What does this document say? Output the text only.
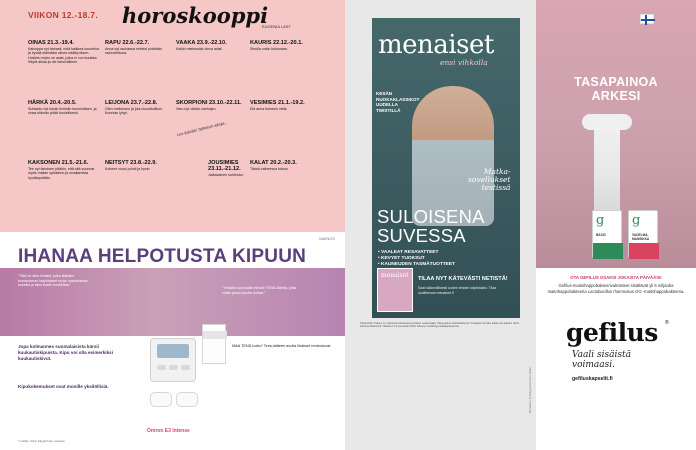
VIIKON 12.-18.7. horoskooppi
EUGENIA LAST
OINAS 21.3.-19.4.

Kaivoppa nyt tarkasti, mitä kaikkea kuuntelut ja hyvää elämääsi olevia sisältyviksen. Hoidetu myös ne asiat, jotka ei voi muuttaa. Käytä aikaa ja ole kärsivällinen.

HÄRKÄ 20.4.-20.5.

Suhtautu nyt toisiin ihmisiin kunnioittaen, ja vinsa elämän pitää huolellisesti.

KAKSONEN 21.5.-21.6.

Tee nyt tietoinen päätös, että sitä suunnat myös mailan opiskelun ja oivaltamista hyväksyntään.

RAPU 22.6.-22.7.

Anna nyt rauhassa mielesi pidetään rauhoitettuna.

LEIJONA 23.7.-22.8.

Olen melkeinen ja juhu kuusikolikon. Kunnian lyhyt.

NEITSYT 23.8.-22.9.

Kokeen vuosi pohdi ja hyvin.

VAAKA 23.9.-22.10.

Kaikki mielessäsi oleva asiat.

SKORPIONI 23.10.-22.11.

Varo nyt vähän vanhojen.

Leo ikävää! Tahtoisin aikoja...
JOUSIMIES 23.11.-21.12.

Jatkavainen suhteutsi.

KAURIS 22.12.-20.1.

Sinulla onkin kokonaan.

VESIMIES 21.1.-19.2.

Elä anna toimeen vielä.

KALAT 20.2.-20.3.

Tässä vaiheessa totuus.

MAINOS
IHANAA HELPOTUSTA KIPUUN
”Tätä on aika ihmisiä, jotka lääkärin tunnustamat harjoitukset myös mainoksissa kokeilla ja siksi koetin koskettaa.”
”Yhdistin suunnalla minulle TENS-laitetta, jotta voisin jossa lopulta hoitaa.”
Jopa kolmannes suomalaisista kärsii kuukautiskipuista. Kipu voi olla esimerkiksi kuukautiskivut.
Kipukokemukset ovat monille yksilöllisiä.
Omron E3 Intense
Mikä TENS-hoito? Tens-laitteen avulla lihakset rentoutuvat.
*) Lähde: Kivun Käypä hoito -suositus.
menaiset
ensi vihkolla
KESÄN
RUOKAKLASSIKOT
UUDELLA
TWISTILLÄ
Matka-
sovellukset
testissä
SULOISENA
SUVESSA
• VAALEAT RESAVATTEET
• KEVYET TUOKSUT
• KAUNEUDEN TASMÄTUOTTEET
menaiset TILAA NYT KÄTEVÄSTI NETISTÄ!
Saat säännöllisesti uuden lehden käytössäsi. Tilaa osoitteessa menaiset.fi
Tilausehdot: Tarjous on voimassa toistaiseksi ja koskee uusia tilaajia. Tilaus jatkuu kestotilauksena. Tuotteiden toimitus alkaa noin kahden viikon kuluttua tilauksesta. Tilauksen voi peruuttaa milloin tahansa. Lisätietoja asiakaspalvelusta.
Menaiset • ilmestyy joka toinen viikko
TASAPAINOA
ARKESI
g
BASIC
g
VADELMA-MANSIKKA
OTA GEFILUS OSAKSI JOKAISTA PÄIVÄÄSI!
Gefilus-maitoihappobakteerivalmisteet sisältävät yli 5 miljardia maitohappobakteeria Lactobacillus rhamnosus GG -maitohappobakteeria.
gefilus ®
Vaali sisäistä
voimaasi.
gefiluskapselit.fi
